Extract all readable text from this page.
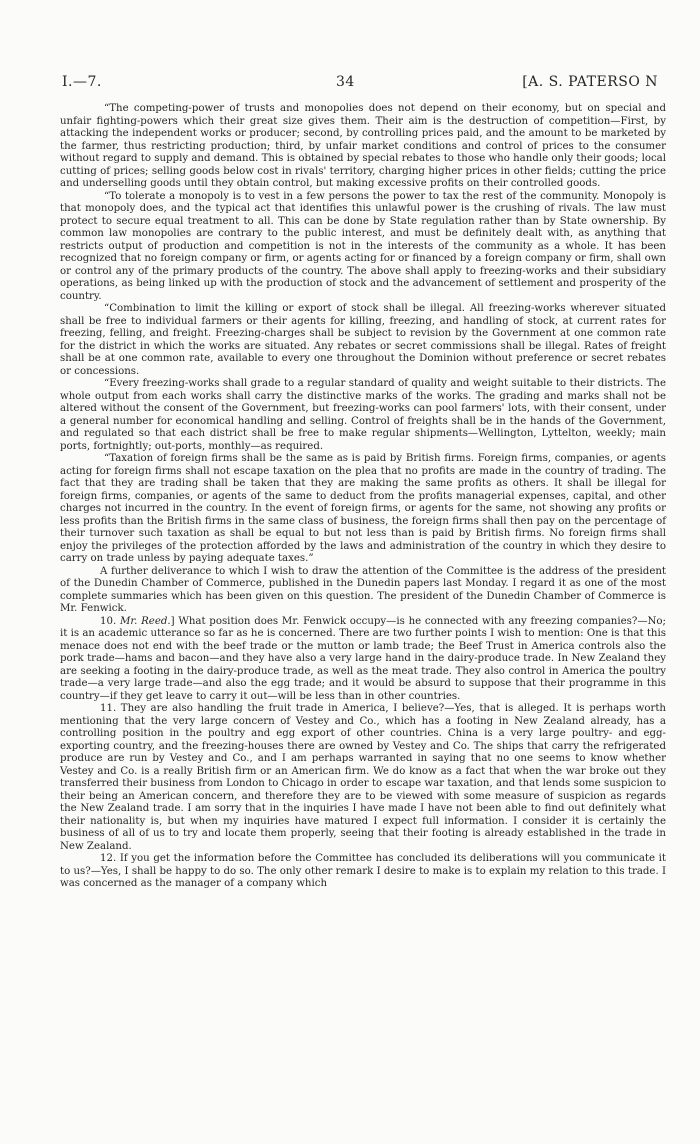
I.—7.	34	[A. S. PATERSO N

“The competing-power of trusts and monopolies does not depend on their economy, but on special and unfair fighting-powers which their great size gives them. Their aim is the destruction of competition—First, by attacking the independent works or producer; second, by controlling prices paid, and the amount to be marketed by the farmer, thus restricting production; third, by unfair market conditions and control of prices to the consumer without regard to supply and demand. This is obtained by special rebates to those who handle only their goods; local cutting of prices; selling goods below cost in rivals' territory, charging higher prices in other fields; cutting the price and underselling goods until they obtain control, but making excessive profits on their controlled goods.

“To tolerate a monopoly is to vest in a few persons the power to tax the rest of the community. Monopoly is that monopoly does, and the typical act that identifies this unlawful power is the crushing of rivals. The law must protect to secure equal treatment to all. This can be done by State regulation rather than by State ownership. By common law monopolies are contrary to the public interest, and must be definitely dealt with, as anything that restricts output of production and competition is not in the interests of the community as a whole. It has been recognized that no foreign company or firm, or agents acting for or financed by a foreign company or firm, shall own or control any of the primary products of the country. The above shall apply to freezing-works and their subsidiary operations, as being linked up with the production of stock and the advancement of settlement and prosperity of the country.

“Combination to limit the killing or export of stock shall be illegal. All freezing-works wherever situated shall be free to individual farmers or their agents for killing, freezing, and handling of stock, at current rates for freezing, felling, and freight. Freezing-charges shall be subject to revision by the Government at one common rate for the district in which the works are situated. Any rebates or secret commissions shall be illegal. Rates of freight shall be at one common rate, available to every one throughout the Dominion without preference or secret rebates or concessions.

“Every freezing-works shall grade to a regular standard of quality and weight suitable to their districts. The whole output from each works shall carry the distinctive marks of the works. The grading and marks shall not be altered without the consent of the Government, but freezing-works can pool farmers' lots, with their consent, under a general number for economical handling and selling. Control of freights shall be in the hands of the Government, and regulated so that each district shall be free to make regular shipments—Wellington, Lyttelton, weekly; main ports, fortnightly; out-ports, monthly—as required.

“Taxation of foreign firms shall be the same as is paid by British firms. Foreign firms, companies, or agents acting for foreign firms shall not escape taxation on the plea that no profits are made in the country of trading. The fact that they are trading shall be taken that they are making the same profits as others. It shall be illegal for foreign firms, companies, or agents of the same to deduct from the profits managerial expenses, capital, and other charges not incurred in the country. In the event of foreign firms, or agents for the same, not showing any profits or less profits than the British firms in the same class of business, the foreign firms shall then pay on the percentage of their turnover such taxation as shall be equal to but not less than is paid by British firms. No foreign firms shall enjoy the privileges of the protection afforded by the laws and administration of the country in which they desire to carry on trade unless by paying adequate taxes.”

A further deliverance to which I wish to draw the attention of the Committee is the address of the president of the Dunedin Chamber of Commerce, published in the Dunedin papers last Monday. I regard it as one of the most complete summaries which has been given on this question. The president of the Dunedin Chamber of Commerce is Mr. Fenwick.

10. Mr. Reed.] What position does Mr. Fenwick occupy—is he connected with any freezing companies?—No; it is an academic utterance so far as he is concerned. There are two further points I wish to mention: One is that this menace does not end with the beef trade or the mutton or lamb trade; the Beef Trust in America controls also the pork trade—hams and bacon—and they have also a very large hand in the dairy-produce trade. In New Zealand they are seeking a footing in the dairy-produce trade, as well as the meat trade. They also control in America the poultry trade—a very large trade—and also the egg trade; and it would be absurd to suppose that their programme in this country—if they get leave to carry it out—will be less than in other countries.

11. They are also handling the fruit trade in America, I believe?—Yes, that is alleged. It is perhaps worth mentioning that the very large concern of Vestey and Co., which has a footing in New Zealand already, has a controlling position in the poultry and egg export of other countries. China is a very large poultry- and egg-exporting country, and the freezing-houses there are owned by Vestey and Co. The ships that carry the refrigerated produce are run by Vestey and Co., and I am perhaps warranted in saying that no one seems to know whether Vestey and Co. is a really British firm or an American firm. We do know as a fact that when the war broke out they transferred their business from London to Chicago in order to escape war taxation, and that lends some suspicion to their being an American concern, and therefore they are to be viewed with some measure of suspicion as regards the New Zealand trade. I am sorry that in the inquiries I have made I have not been able to find out definitely what their nationality is, but when my inquiries have matured I expect full information. I consider it is certainly the business of all of us to try and locate them properly, seeing that their footing is already established in the trade in New Zealand.

12. If you get the information before the Committee has concluded its deliberations will you communicate it to us?—Yes, I shall be happy to do so. The only other remark I desire to make is to explain my relation to this trade. I was concerned as the manager of a company which
